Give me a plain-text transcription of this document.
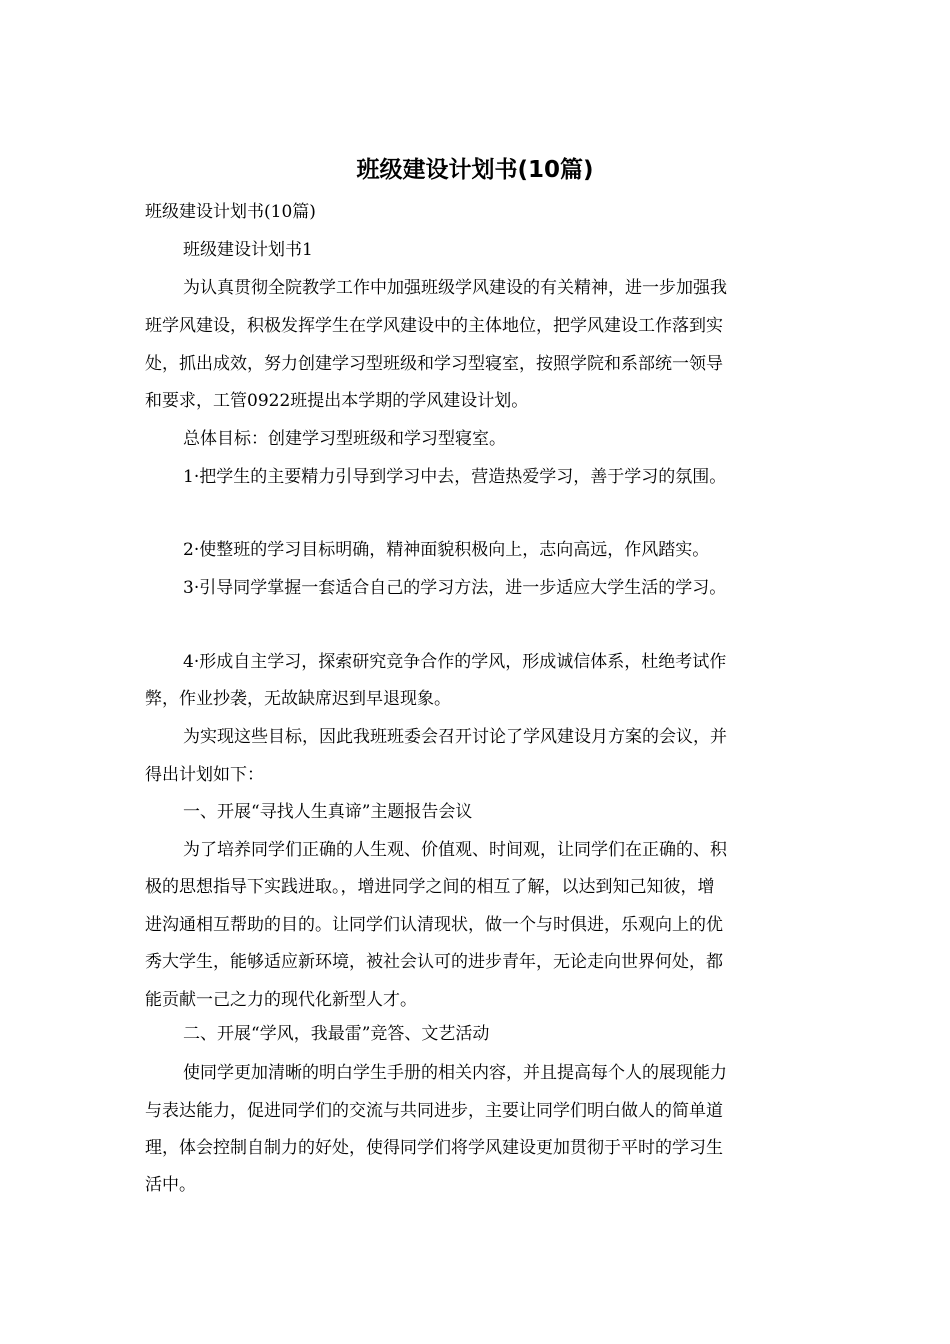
班级建设计划书(10篇)

班级建设计划书(10篇)

班级建设计划书1

为认真贯彻全院教学工作中加强班级学风建设的有关精神，进一步加强我

班学风建设，积极发挥学生在学风建设中的主体地位，把学风建设工作落到实

处，抓出成效，努力创建学习型班级和学习型寝室，按照学院和系部统一领导

和要求，工管0922班提出本学期的学风建设计划。

总体目标：创建学习型班级和学习型寝室。

1·把学生的主要精力引导到学习中去，营造热爱学习，善于学习的氛围。

2·使整班的学习目标明确，精神面貌积极向上，志向高远，作风踏实。

3·引导同学掌握一套适合自己的学习方法，进一步适应大学生活的学习。

4·形成自主学习，探索研究竞争合作的学风，形成诚信体系，杜绝考试作

弊，作业抄袭，无故缺席迟到早退现象。

为实现这些目标，因此我班班委会召开讨论了学风建设月方案的会议，并

得出计划如下：

一、开展“寻找人生真谛”主题报告会议

为了培养同学们正确的人生观、价值观、时间观，让同学们在正确的、积

极的思想指导下实践进取。，增进同学之间的相互了解，以达到知己知彼，增

进沟通相互帮助的目的。让同学们认清现状，做一个与时俱进，乐观向上的优

秀大学生，能够适应新环境，被社会认可的进步青年，无论走向世界何处，都

能贡献一己之力的现代化新型人才。

二、开展“学风，我最雷”竞答、文艺活动

使同学更加清晰的明白学生手册的相关内容，并且提高每个人的展现能力

与表达能力，促进同学们的交流与共同进步，主要让同学们明白做人的简单道

理，体会控制自制力的好处，使得同学们将学风建设更加贯彻于平时的学习生

活中。
